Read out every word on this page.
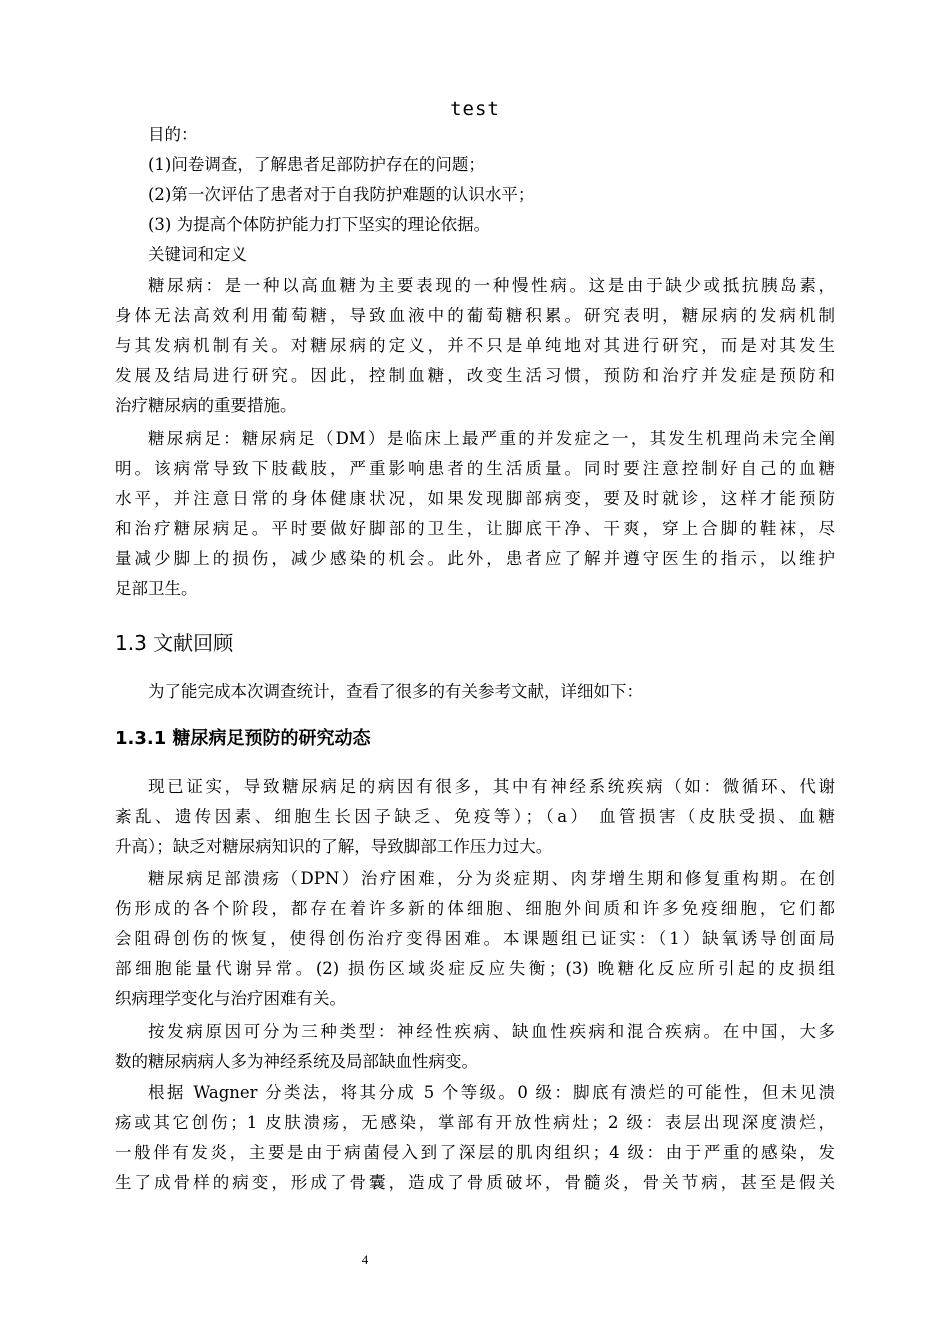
test
目的：
(1)问卷调查，了解患者足部防护存在的问题；
(2)第一次评估了患者对于自我防护难题的认识水平；
(3) 为提高个体防护能力打下坚实的理论依据。
关键词和定义
糖尿病：是一种以高血糖为主要表现的一种慢性病。这是由于缺少或抵抗胰岛素，
身体无法高效利用葡萄糖，导致血液中的葡萄糖积累。研究表明，糖尿病的发病机制
与其发病机制有关。对糖尿病的定义，并不只是单纯地对其进行研究，而是对其发生
发展及结局进行研究。因此，控制血糖，改变生活习惯，预防和治疗并发症是预防和
治疗糖尿病的重要措施。
糖尿病足：糖尿病足（DM）是临床上最严重的并发症之一，其发生机理尚未完全阐
明。该病常导致下肢截肢，严重影响患者的生活质量。同时要注意控制好自己的血糖
水平，并注意日常的身体健康状况，如果发现脚部病变，要及时就诊，这样才能预防
和治疗糖尿病足。平时要做好脚部的卫生，让脚底干净、干爽，穿上合脚的鞋袜，尽
量减少脚上的损伤，减少感染的机会。此外，患者应了解并遵守医生的指示，以维护
足部卫生。
1.3 文献回顾
为了能完成本次调查统计，查看了很多的有关参考文献，详细如下：
1.3.1 糖尿病足预防的研究动态
现已证实，导致糖尿病足的病因有很多，其中有神经系统疾病（如：微循环、代谢
紊乱、遗传因素、细胞生长因子缺乏、免疫等）；（a） 血管损害（皮肤受损、血糖
升高）；缺乏对糖尿病知识的了解，导致脚部工作压力过大。
糖尿病足部溃疡（DPN）治疗困难，分为炎症期、肉芽增生期和修复重构期。在创
伤形成的各个阶段，都存在着许多新的体细胞、细胞外间质和许多免疫细胞，它们都
会阻碍创伤的恢复，使得创伤治疗变得困难。本课题组已证实：（1）缺氧诱导创面局
部细胞能量代谢异常。(2) 损伤区域炎症反应失衡；(3) 晚糖化反应所引起的皮损组
织病理学变化与治疗困难有关。
按发病原因可分为三种类型：神经性疾病、缺血性疾病和混合疾病。在中国，大多
数的糖尿病病人多为神经系统及局部缺血性病变。
根据 Wagner 分类法，将其分成 5 个等级。0 级：脚底有溃烂的可能性，但未见溃
疡或其它创伤；1 皮肤溃疡，无感染，掌部有开放性病灶；2 级：表层出现深度溃烂，
一般伴有发炎，主要是由于病菌侵入到了深层的肌肉组织；4 级：由于严重的感染，发
生了成骨样的病变，形成了骨囊，造成了骨质破坏，骨髓炎，骨关节病，甚至是假关
4
